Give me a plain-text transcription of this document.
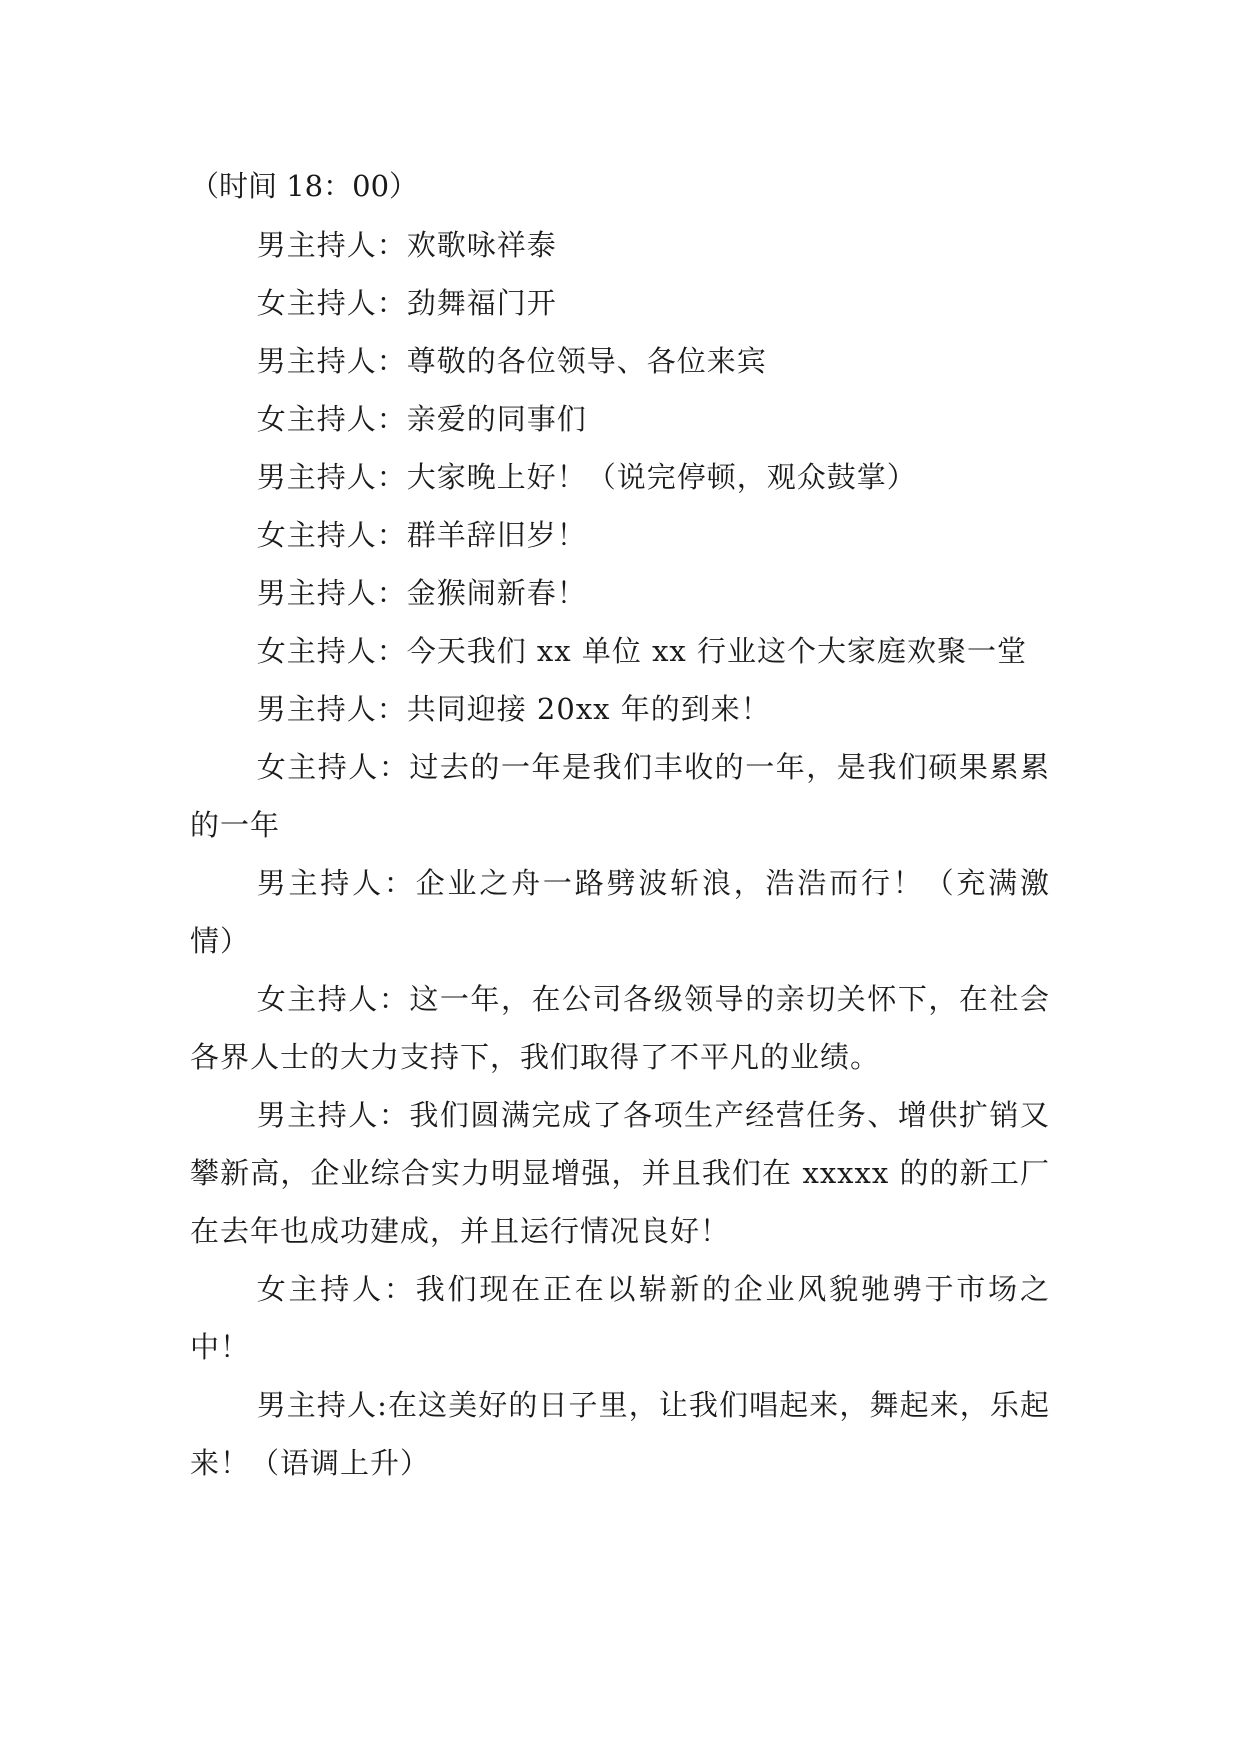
（时间 18：00）

男主持人：欢歌咏祥泰

女主持人：劲舞福门开

男主持人：尊敬的各位领导、各位来宾

女主持人：亲爱的同事们

男主持人：大家晚上好！（说完停顿，观众鼓掌）

女主持人：群羊辞旧岁！

男主持人：金猴闹新春！

女主持人：今天我们 xx 单位 xx 行业这个大家庭欢聚一堂

男主持人：共同迎接 20xx 年的到来！

女主持人：过去的一年是我们丰收的一年，是我们硕果累累的一年

男主持人：企业之舟一路劈波斩浪，浩浩而行！（充满激情）

女主持人：这一年，在公司各级领导的亲切关怀下，在社会各界人士的大力支持下，我们取得了不平凡的业绩。

男主持人：我们圆满完成了各项生产经营任务、增供扩销又攀新高，企业综合实力明显增强，并且我们在 xxxxx 的的新工厂在去年也成功建成，并且运行情况良好！

女主持人：我们现在正在以崭新的企业风貌驰骋于市场之中！

男主持人:在这美好的日子里，让我们唱起来，舞起来，乐起来！（语调上升）
